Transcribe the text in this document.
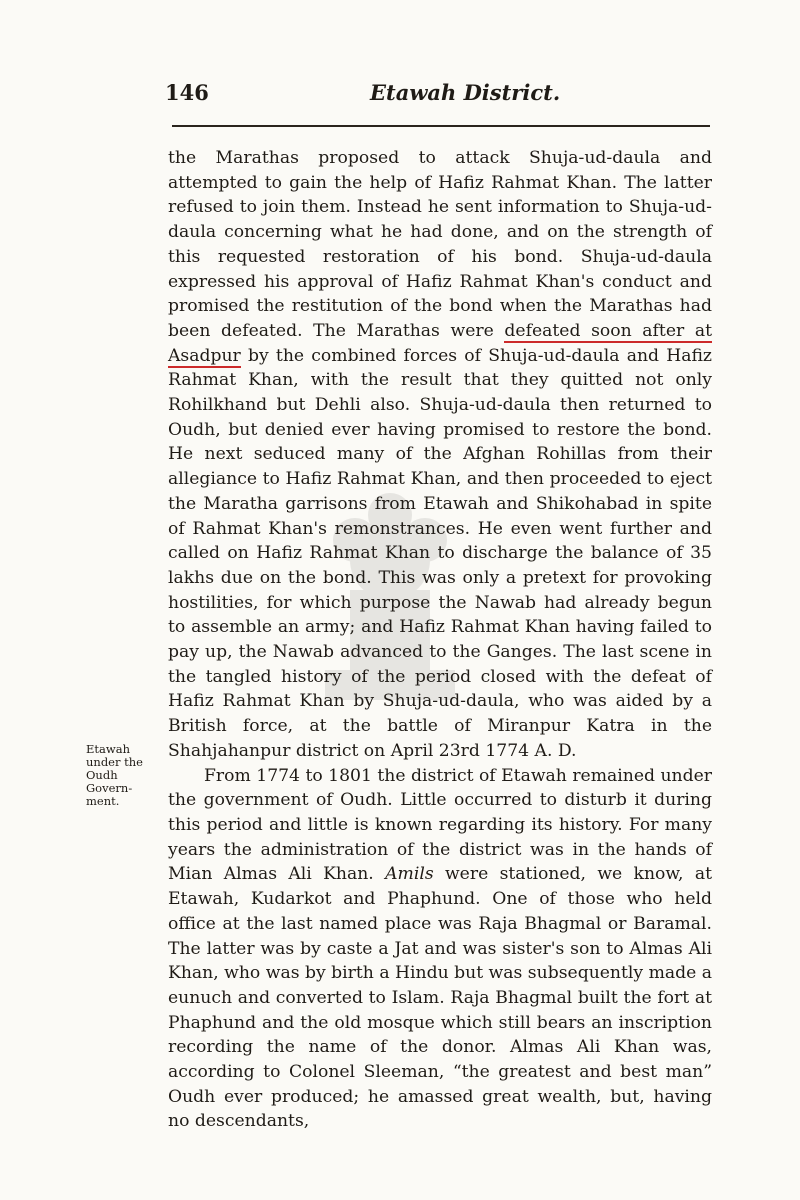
146	Etawah District.
Etawah
under the
Oudh
Govern-
ment.

the Marathas proposed to attack Shuja-ud-daula and attempted to gain the help of Hafiz Rahmat Khan. The latter refused to join them. Instead he sent information to Shuja-ud-daula concerning what he had done, and on the strength of this requested restoration of his bond. Shuja-ud-daula expressed his approval of Hafiz Rahmat Khan's conduct and promised the restitution of the bond when the Marathas had been defeated. The Marathas were defeated soon after at Asadpur by the combined forces of Shuja-ud-daula and Hafiz Rahmat Khan, with the result that they quitted not only Rohilkhand but Dehli also. Shuja-ud-daula then returned to Oudh, but denied ever having promised to restore the bond. He next seduced many of the Afghan Rohillas from their allegiance to Hafiz Rahmat Khan, and then proceeded to eject the Maratha garrisons from Etawah and Shikohabad in spite of Rahmat Khan's remonstrances. He even went further and called on Hafiz Rahmat Khan to discharge the balance of 35 lakhs due on the bond. This was only a pretext for provoking hostilities, for which purpose the Nawab had already begun to assemble an army; and Hafiz Rahmat Khan having failed to pay up, the Nawab advanced to the Ganges. The last scene in the tangled history of the period closed with the defeat of Hafiz Rahmat Khan by Shuja-ud-daula, who was aided by a British force, at the battle of Miranpur Katra in the Shahjahanpur district on April 23rd 1774 A. D.

From 1774 to 1801 the district of Etawah remained under the government of Oudh. Little occurred to disturb it during this period and little is known regarding its history. For many years the administration of the district was in the hands of Mian Almas Ali Khan. Amils were stationed, we know, at Etawah, Kudarkot and Phaphund. One of those who held office at the last named place was Raja Bhagmal or Baramal. The latter was by caste a Jat and was sister's son to Almas Ali Khan, who was by birth a Hindu but was subsequently made a eunuch and converted to Islam. Raja Bhagmal built the fort at Phaphund and the old mosque which still bears an inscription recording the name of the donor. Almas Ali Khan was, according to Colonel Sleeman, “the greatest and best man” Oudh ever produced; he amassed great wealth, but, having no descendants,
